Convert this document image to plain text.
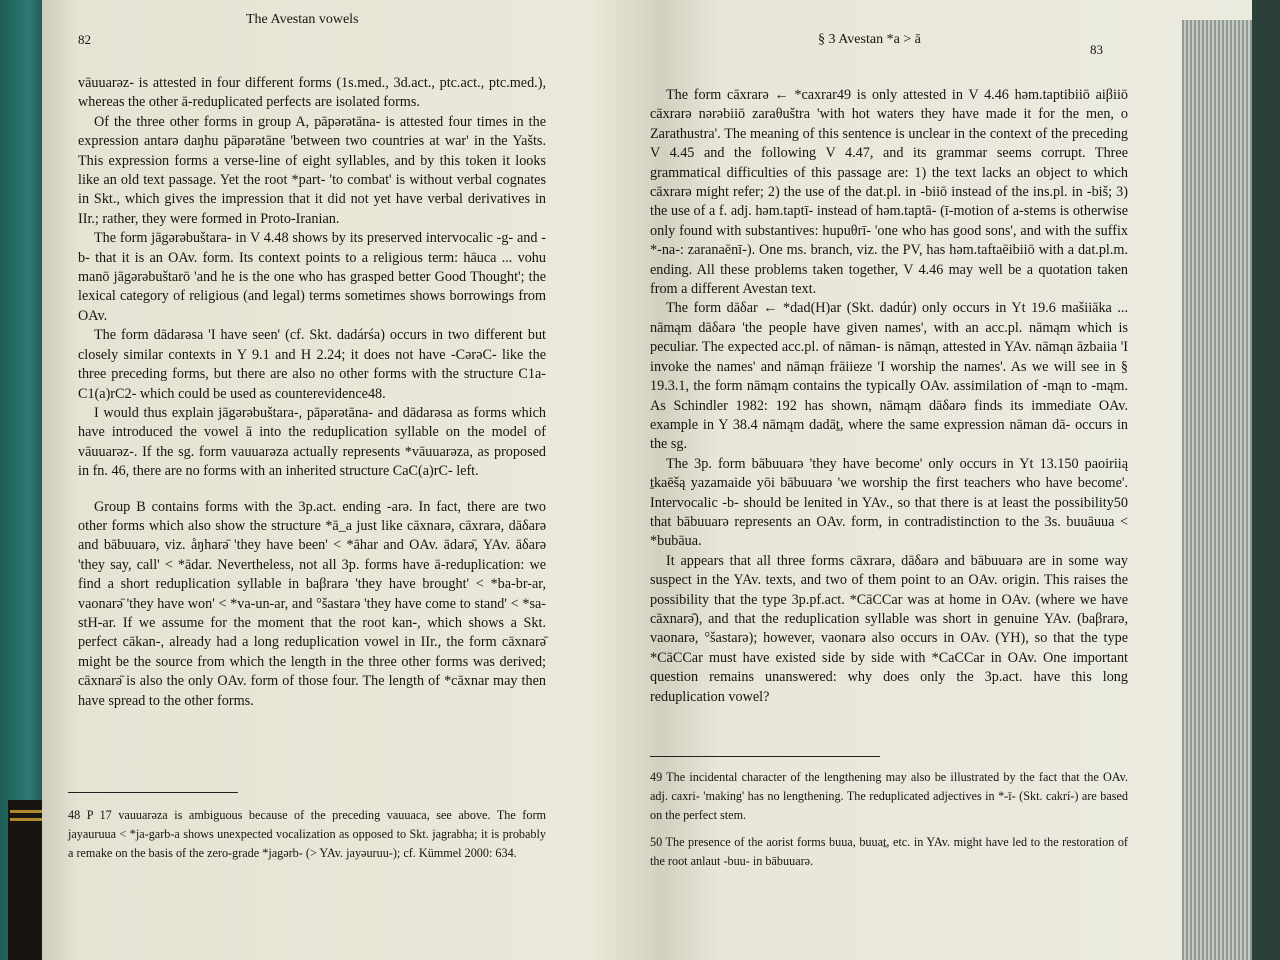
82
The Avestan vowels

vāuuarəz- is attested in four different forms (1s.med., 3d.act., ptc.act., ptc.med.), whereas the other ā-reduplicated perfects are isolated forms.

Of the three other forms in group A, pāpərətāna- is attested four times in the expression antarə daŋhu pāpərətāne 'between two countries at war' in the Yašts. This expression forms a verse-line of eight syllables, and by this token it looks like an old text passage. Yet the root *part- 'to combat' is without verbal cognates in Skt., which gives the impression that it did not yet have verbal derivatives in IIr.; rather, they were formed in Proto-Iranian.

The form jāgərəbuštara- in V 4.48 shows by its preserved intervocalic -g- and -b- that it is an OAv. form. Its context points to a religious term: hāuca ... vohu manō jāgərəbuštarō 'and he is the one who has grasped better Good Thought'; the lexical category of religious (and legal) terms sometimes shows borrowings from OAv.

The form dādarəsa 'I have seen' (cf. Skt. dadárśa) occurs in two different but closely similar contexts in Y 9.1 and H 2.24; it does not have -CərəC- like the three preceding forms, but there are also no other forms with the structure C1a-C1(a)rC2- which could be used as counterevidence48.

I would thus explain jāgərəbuštara-, pāpərətāna- and dādarəsa as forms which have introduced the vowel ā into the reduplication syllable on the model of vāuuarəz-. If the sg. form vauuarəza actually represents *vāuuarəza, as proposed in fn. 46, there are no forms with an inherited structure CaC(a)rC- left.

Group B contains forms with the 3p.act. ending -arə. In fact, there are two other forms which also show the structure *ā_a just like cāxnarə, cāxrarə, dāδarə and bābuuarə, viz. åŋharə̄ 'they have been' < *āhar and OAv. ādarə̄, YAv. āδarə 'they say, call' < *ādar. Nevertheless, not all 3p. forms have ā-reduplication: we find a short reduplication syllable in baβrarə 'they have brought' < *ba-br-ar, vaonarə̄ 'they have won' < *va-un-ar, and °šastarə 'they have come to stand' < *sa-stH-ar. If we assume for the moment that the root kan-, which shows a Skt. perfect cākan-, already had a long reduplication vowel in IIr., the form cāxnarə̄ might be the source from which the length in the three other forms was derived; cāxnarə̄ is also the only OAv. form of those four. The length of *cāxnar may then have spread to the other forms.

48 P 17 vauuarəza is ambiguous because of the preceding vauuaca, see above. The form jayauruua < *ja-garb-a shows unexpected vocalization as opposed to Skt. jagrabha; it is probably a remake on the basis of the zero-grade *jagərb- (> YAv. jayəuruu-); cf. Kümmel 2000: 634.

§ 3 Avestan *a > ā
83

The form cāxrarə ← *caxrar49 is only attested in V 4.46 həm.taptibiiō aiβiiō cāxrarə nərəbiiō zaraθuštra 'with hot waters they have made it for the men, o Zarathustra'. The meaning of this sentence is unclear in the context of the preceding V 4.45 and the following V 4.47, and its grammar seems corrupt. Three grammatical difficulties of this passage are: 1) the text lacks an object to which cāxrarə might refer; 2) the use of the dat.pl. in -biiō instead of the ins.pl. in -biš; 3) the use of a f. adj. həm.taptī- instead of həm.taptā- (ī-motion of a-stems is otherwise only found with substantives: hupuθrī- 'one who has good sons', and with the suffix *-na-: zaranaēnī-). One ms. branch, viz. the PV, has həm.taftaēibiiō with a dat.pl.m. ending. All these problems taken together, V 4.46 may well be a quotation taken from a different Avestan text.

The form dāδar ← *dad(H)ar (Skt. dadúr) only occurs in Yt 19.6 mašiiāka ... nāmąm dāδarə 'the people have given names', with an acc.pl. nāmąm which is peculiar. The expected acc.pl. of nāman- is nāmąn, attested in YAv. nāmąn āzbaiia 'I invoke the names' and nāmąn frāiieze 'I worship the names'. As we will see in § 19.3.1, the form nāmąm contains the typically OAv. assimilation of -mąn to -mąm. As Schindler 1982: 192 has shown, nāmąm dāδarə finds its immediate OAv. example in Y 38.4 nāmąm dadāṯ, where the same expression nāman dā- occurs in the sg.

The 3p. form bābuuarə 'they have become' only occurs in Yt 13.150 paoiriią ṯkaēšą yazamaide yōi bābuuarə 'we worship the first teachers who have become'. Intervocalic -b- should be lenited in YAv., so that there is at least the possibility50 that bābuuarə represents an OAv. form, in contradistinction to the 3s. buuāuua < *bubāua.

It appears that all three forms cāxrarə, dāδarə and bābuuarə are in some way suspect in the YAv. texts, and two of them point to an OAv. origin. This raises the possibility that the type 3p.pf.act. *CāCCar was at home in OAv. (where we have cāxnarə̄), and that the reduplication syllable was short in genuine YAv. (baβrarə, vaonarə, °šastarə); however, vaonarə also occurs in OAv. (YH), so that the type *CāCCar must have existed side by side with *CaCCar in OAv. One important question remains unanswered: why does only the 3p.act. have this long reduplication vowel?

49 The incidental character of the lengthening may also be illustrated by the fact that the OAv. adj. caxri- 'making' has no lengthening. The reduplicated adjectives in *-ī- (Skt. cakrí-) are based on the perfect stem.

50 The presence of the aorist forms buua, buuaṯ, etc. in YAv. might have led to the restoration of the root anlaut -buu- in bābuuarə.
